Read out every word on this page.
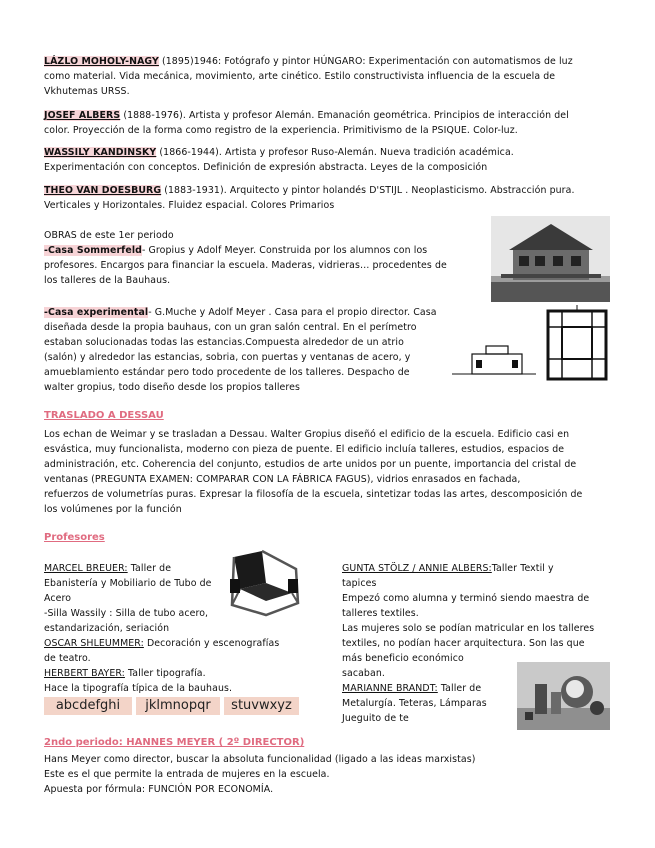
LÁZLO MOHOLY-NAGY (1895)1946: Fotógrafo y pintor HÚNGARO: Experimentación con automatismos de luz
como material. Vida mecánica, movimiento, arte cinético. Estilo constructivista influencia de la escuela de
Vkhutemas URSS.
JOSEF ALBERS (1888-1976). Artista y profesor Alemán. Emanación geométrica. Principios de interacción del
color. Proyección de la forma como registro de la experiencia. Primitivismo de la PSIQUE. Color-luz.
WASSILY KANDINSKY (1866-1944). Artista y profesor Ruso-Alemán. Nueva tradición académica.
Experimentación con conceptos. Definición de expresión abstracta. Leyes de la composición
THEO VAN DOESBURG (1883-1931). Arquitecto y pintor holandés D'STIJL . Neoplasticismo. Abstracción pura.
Verticales y Horizontales. Fluidez espacial. Colores Primarios
OBRAS de este 1er periodo
-Casa Sommerfeld- Gropius y Adolf Meyer. Construida por los alumnos con los
profesores. Encargos para financiar la escuela. Maderas, vidrieras… procedentes de
los talleres de la Bauhaus.
-Casa experimental- G.Muche y Adolf Meyer . Casa para el propio director. Casa
diseñada desde la propia bauhaus, con un gran salón central. En el perímetro
estaban solucionadas todas las estancias.Compuesta alrededor de un atrio
(salón) y alrededor las estancias, sobria, con puertas y ventanas de acero, y
amueblamiento estándar pero todo procedente de los talleres. Despacho de
walter gropius, todo diseño desde los propios talleres
TRASLADO A DESSAU
Los echan de Weimar y se trasladan a Dessau. Walter Gropius diseñó el edificio de la escuela. Edificio casi en
esvástica, muy funcionalista, moderno con pieza de puente. El edificio incluía talleres, estudios, espacios de
administración, etc. Coherencia del conjunto, estudios de arte unidos por un puente, importancia del cristal de
ventanas (PREGUNTA EXAMEN: COMPARAR CON LA FÁBRICA FAGUS), vidrios enrasados en fachada,
refuerzos de volumetrías puras. Expresar la filosofía de la escuela, sintetizar todas las artes, descomposición de
los volúmenes por la función
Profesores
MARCEL BREUER: Taller de
Ebanistería y Mobiliario de Tubo de
Acero
-Silla Wassily : Silla de tubo acero,
estandarización, seriación
OSCAR SHLEUMMER: Decoración y escenografías
de teatro.
HERBERT BAYER: Taller tipografía.
Hace la tipografía típica de la bauhaus.
abcdefghi	jklmnopqr	stuvwxyz
GUNTA STÖLZ / ANNIE ALBERS:Taller Textil y
tapices
Empezó como alumna y terminó siendo maestra de
talleres textiles.
Las mujeres solo se podían matricular en los talleres
textiles, no podían hacer arquitectura. Son las que
más beneficio económico
sacaban.
MARIANNE BRANDT: Taller de
Metalurgía. Teteras, Lámparas
Jueguito de te
2ndo periodo: HANNES MEYER ( 2º DIRECTOR)
Hans Meyer como director, buscar la absoluta funcionalidad (ligado a las ideas marxistas)
Este es el que permite la entrada de mujeres en la escuela.
Apuesta por fórmula: FUNCIÓN POR ECONOMÍA.
